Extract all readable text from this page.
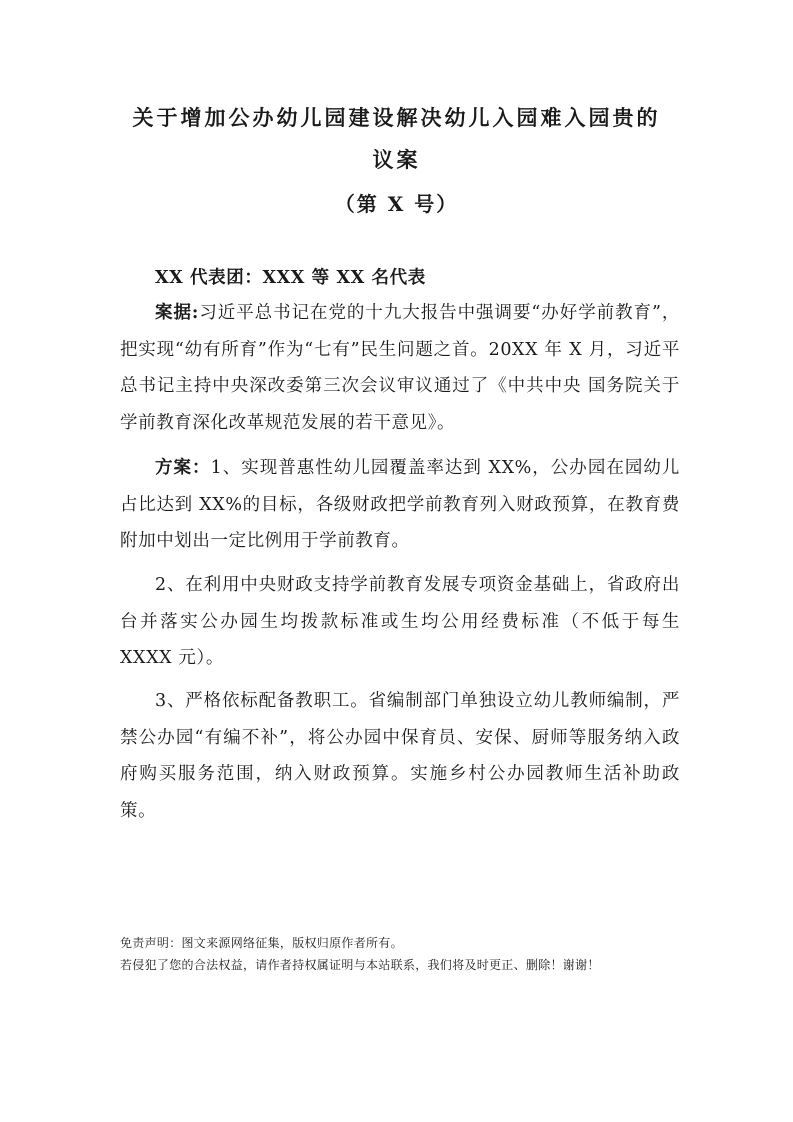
关于增加公办幼儿园建设解决幼儿入园难入园贵的
议案
（第 X 号）

XX 代表团：XXX 等 XX 名代表

案据:习近平总书记在党的十九大报告中强调要“办好学前教育”，把实现“幼有所育”作为“七有”民生问题之首。20XX 年 X 月，习近平总书记主持中央深改委第三次会议审议通过了《中共中央 国务院关于学前教育深化改革规范发展的若干意见》。

方案：1、实现普惠性幼儿园覆盖率达到 XX%，公办园在园幼儿占比达到 XX%的目标，各级财政把学前教育列入财政预算，在教育费附加中划出一定比例用于学前教育。

2、在利用中央财政支持学前教育发展专项资金基础上，省政府出台并落实公办园生均拨款标准或生均公用经费标准（不低于每生 XXXX 元）。

3、严格依标配备教职工。省编制部门单独设立幼儿教师编制，严禁公办园“有编不补”，将公办园中保育员、安保、厨师等服务纳入政府购买服务范围，纳入财政预算。实施乡村公办园教师生活补助政策。

免责声明：图文来源网络征集，版权归原作者所有。
若侵犯了您的合法权益，请作者持权属证明与本站联系，我们将及时更正、删除！谢谢！
